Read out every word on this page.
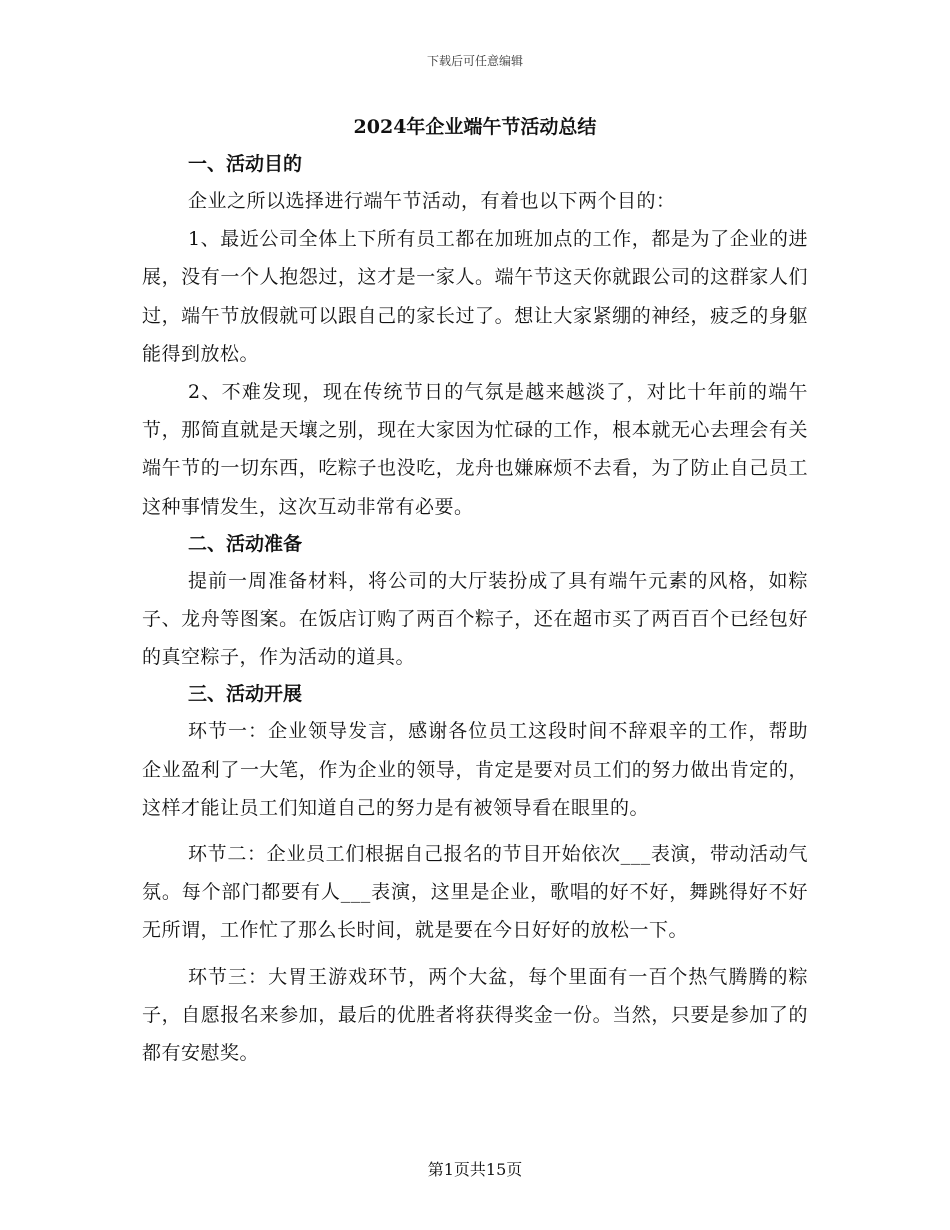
下载后可任意编辑
2024年企业端午节活动总结
一、活动目的

企业之所以选择进行端午节活动，有着也以下两个目的：

1、最近公司全体上下所有员工都在加班加点的工作，都是为了企业的进展，没有一个人抱怨过，这才是一家人。端午节这天你就跟公司的这群家人们过，端午节放假就可以跟自己的家长过了。想让大家紧绷的神经，疲乏的身躯能得到放松。

2、不难发现，现在传统节日的气氛是越来越淡了，对比十年前的端午节，那简直就是天壤之别，现在大家因为忙碌的工作，根本就无心去理会有关端午节的一切东西，吃粽子也没吃，龙舟也嫌麻烦不去看，为了防止自己员工这种事情发生，这次互动非常有必要。

二、活动准备

提前一周准备材料，将公司的大厅装扮成了具有端午元素的风格，如粽子、龙舟等图案。在饭店订购了两百个粽子，还在超市买了两百百个已经包好的真空粽子，作为活动的道具。

三、活动开展

环节一：企业领导发言，感谢各位员工这段时间不辞艰辛的工作，帮助企业盈利了一大笔，作为企业的领导，肯定是要对员工们的努力做出肯定的，这样才能让员工们知道自己的努力是有被领导看在眼里的。

环节二：企业员工们根据自己报名的节目开始依次___表演，带动活动气氛。每个部门都要有人___表演，这里是企业，歌唱的好不好，舞跳得好不好无所谓，工作忙了那么长时间，就是要在今日好好的放松一下。

环节三：大胃王游戏环节，两个大盆，每个里面有一百个热气腾腾的粽子，自愿报名来参加，最后的优胜者将获得奖金一份。当然，只要是参加了的都有安慰奖。

第1页共15页
